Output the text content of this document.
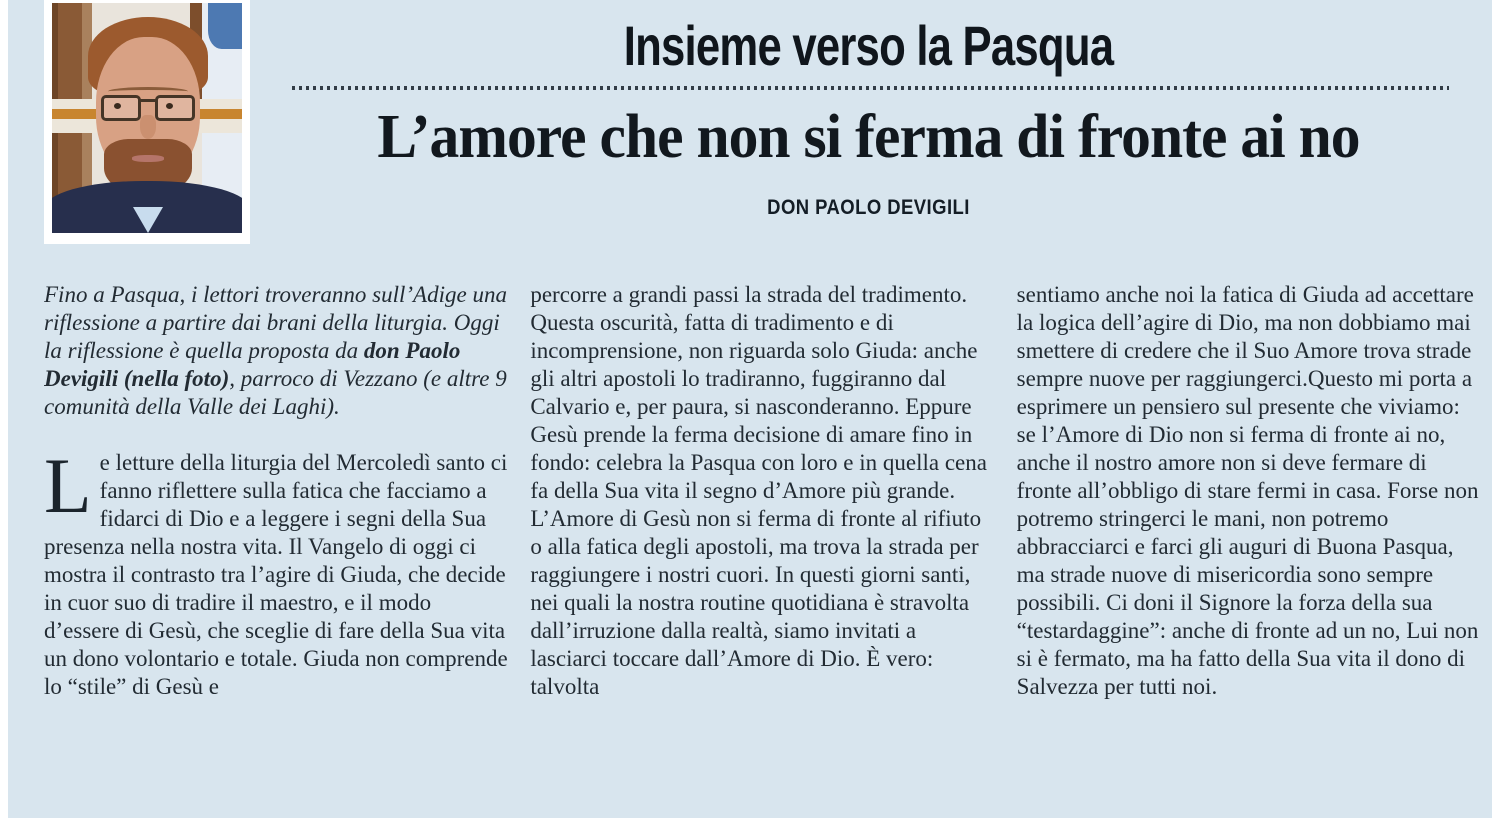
Insieme verso la Pasqua
L’amore che non si ferma di fronte ai no
DON PAOLO DEVIGILI

Fino a Pasqua, i lettori troveranno sull’Adige una riflessione a partire dai brani della liturgia. Oggi la riflessione è quella proposta da don Paolo Devigili (nella foto), parroco di Vezzano (e altre 9 comunità della Valle dei Laghi).

Le letture della liturgia del Mercoledì santo ci fanno riflettere sulla fatica che facciamo a fidarci di Dio e a leggere i segni della Sua presenza nella nostra vita. Il Vangelo di oggi ci mostra il contrasto tra l’agire di Giuda, che decide in cuor suo di tradire il maestro, e il modo d’essere di Gesù, che sceglie di fare della Sua vita un dono volontario e totale. Giuda non comprende lo “stile” di Gesù e

percorre a grandi passi la strada del tradimento. Questa oscurità, fatta di tradimento e di incomprensione, non riguarda solo Giuda: anche gli altri apostoli lo tradiranno, fuggiranno dal Calvario e, per paura, si nasconderanno. Eppure Gesù prende la ferma decisione di amare fino in fondo: celebra la Pasqua con loro e in quella cena fa della Sua vita il segno d’Amore più grande. L’Amore di Gesù non si ferma di fronte al rifiuto o alla fatica degli apostoli, ma trova la strada per raggiungere i nostri cuori. In questi giorni santi, nei quali la nostra routine quotidiana è stravolta dall’irruzione dalla realtà, siamo invitati a lasciarci toccare dall’Amore di Dio. È vero: talvolta

sentiamo anche noi la fatica di Giuda ad accettare la logica dell’agire di Dio, ma non dobbiamo mai smettere di credere che il Suo Amore trova strade sempre nuove per raggiungerci.Questo mi porta a esprimere un pensiero sul presente che viviamo: se l’Amore di Dio non si ferma di fronte ai no, anche il nostro amore non si deve fermare di fronte all’obbligo di stare fermi in casa. Forse non potremo stringerci le mani, non potremo abbracciarci e farci gli auguri di Buona Pasqua, ma strade nuove di misericordia sono sempre possibili. Ci doni il Signore la forza della sua “testardaggine”: anche di fronte ad un no, Lui non si è fermato, ma ha fatto della Sua vita il dono di Salvezza per tutti noi.
